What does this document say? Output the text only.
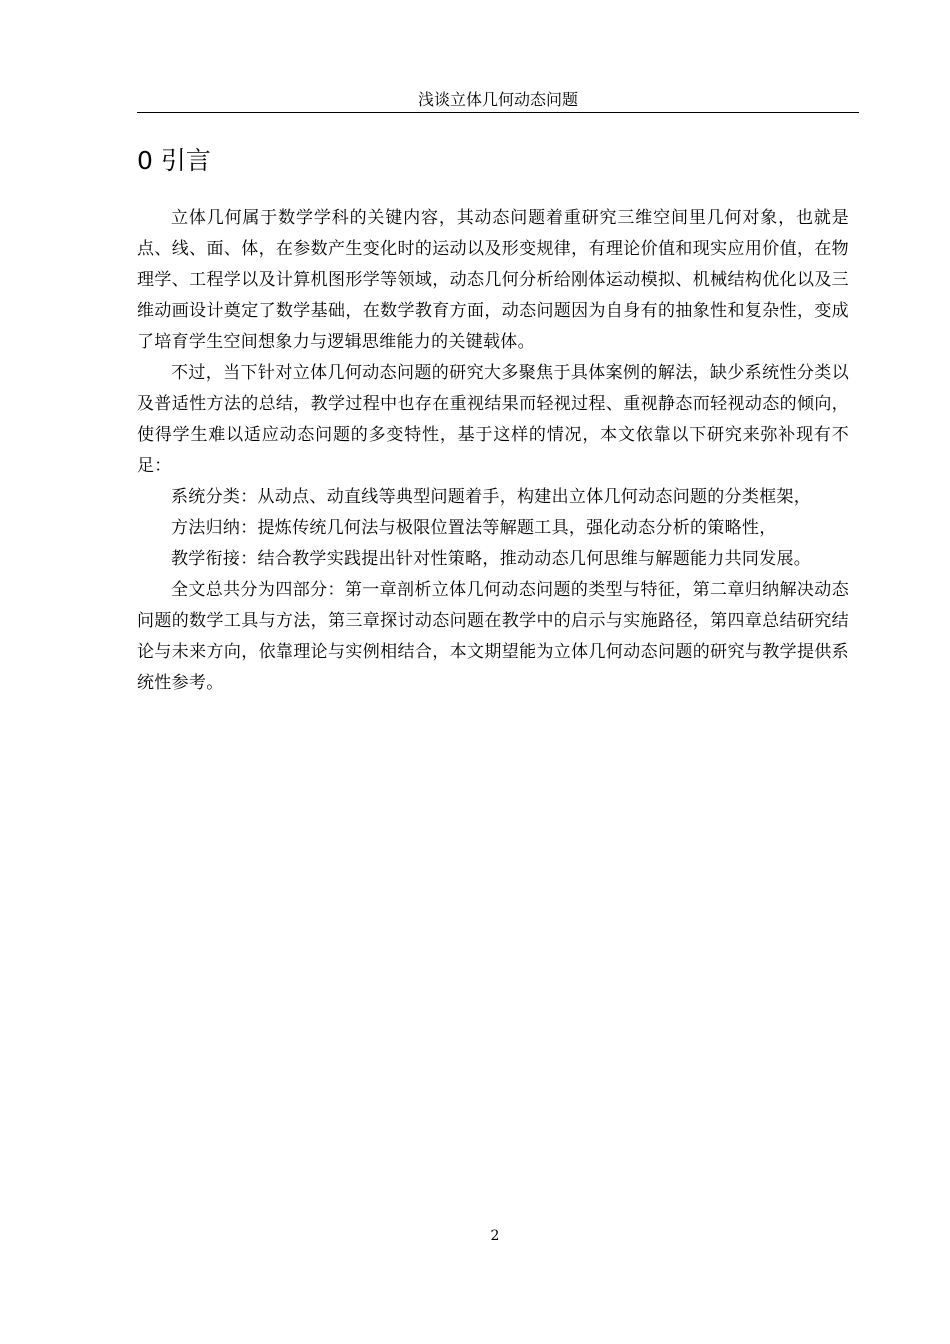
浅谈立体几何动态问题
0 引言

立体几何属于数学学科的关键内容，其动态问题着重研究三维空间里几何对象，也就是点、线、面、体，在参数产生变化时的运动以及形变规律，有理论价值和现实应用价值，在物理学、工程学以及计算机图形学等领域，动态几何分析给刚体运动模拟、机械结构优化以及三维动画设计奠定了数学基础，在数学教育方面，动态问题因为自身有的抽象性和复杂性，变成了培育学生空间想象力与逻辑思维能力的关键载体。

不过，当下针对立体几何动态问题的研究大多聚焦于具体案例的解法，缺少系统性分类以及普适性方法的总结，教学过程中也存在重视结果而轻视过程、重视静态而轻视动态的倾向，使得学生难以适应动态问题的多变特性，基于这样的情况，本文依靠以下研究来弥补现有不足：

系统分类：从动点、动直线等典型问题着手，构建出立体几何动态问题的分类框架，

方法归纳：提炼传统几何法与极限位置法等解题工具，强化动态分析的策略性，

教学衔接：结合教学实践提出针对性策略，推动动态几何思维与解题能力共同发展。

全文总共分为四部分：第一章剖析立体几何动态问题的类型与特征，第二章归纳解决动态问题的数学工具与方法，第三章探讨动态问题在教学中的启示与实施路径，第四章总结研究结论与未来方向，依靠理论与实例相结合，本文期望能为立体几何动态问题的研究与教学提供系统性参考。

2
